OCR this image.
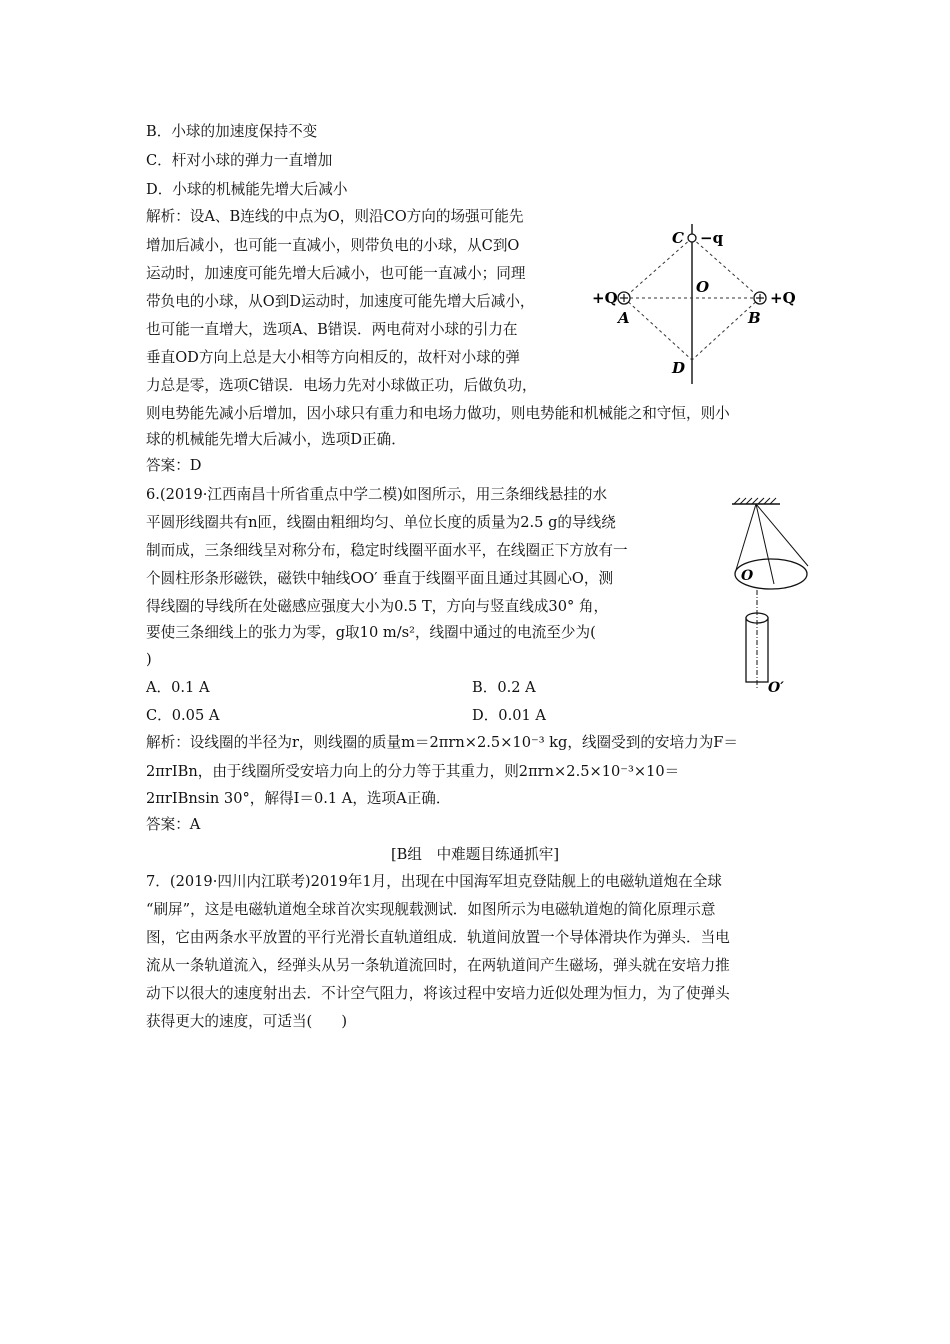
B．小球的加速度保持不变
C．杆对小球的弹力一直增加
D．小球的机械能先增大后减小
解析：设A、B连线的中点为O，则沿CO方向的场强可能先
增加后减小，也可能一直减小，则带负电的小球，从C到O
运动时，加速度可能先增大后减小，也可能一直减小；同理
带负电的小球，从O到D运动时，加速度可能先增大后减小，
也可能一直增大，选项A、B错误．两电荷对小球的引力在
垂直OD方向上总是大小相等方向相反的，故杆对小球的弹
力总是零，选项C错误．电场力先对小球做正功，后做负功，
则电势能先减小后增加，因小球只有重力和电场力做功，则电势能和机械能之和守恒，则小
球的机械能先增大后减小，选项D正确．
答案：D
C −q
O
+Q	+Q
A	B
D
6.(2019·江西南昌十所省重点中学二模)如图所示，用三条细线悬挂的水
平圆形线圈共有n匝，线圈由粗细均匀、单位长度的质量为2.5 g的导线绕
制而成，三条细线呈对称分布，稳定时线圈平面水平，在线圈正下方放有一
个圆柱形条形磁铁，磁铁中轴线OO′ 垂直于线圈平面且通过其圆心O，测
得线圈的导线所在处磁感应强度大小为0.5 T，方向与竖直线成30° 角，
要使三条细线上的张力为零，g取10 m/s²，线圈中通过的电流至少为(
)
A．0.1 A	B．0.2 A
C．0.05 A	D．0.01 A
解析：设线圈的半径为r，则线圈的质量m＝2πrn×2.5×10⁻³ kg，线圈受到的安培力为F＝
2πrIBn，由于线圈所受安培力向上的分力等于其重力，则2πrn×2.5×10⁻³×10＝
2πrIBnsin 30°，解得I＝0.1 A，选项A正确．
答案：A
O
O′
[B组　中难题目练通抓牢]
7．(2019·四川内江联考)2019年1月，出现在中国海军坦克登陆舰上的电磁轨道炮在全球
“刷屏”，这是电磁轨道炮全球首次实现舰载测试．如图所示为电磁轨道炮的简化原理示意
图，它由两条水平放置的平行光滑长直轨道组成．轨道间放置一个导体滑块作为弹头．当电
流从一条轨道流入，经弹头从另一条轨道流回时，在两轨道间产生磁场，弹头就在安培力推
动下以很大的速度射出去．不计空气阻力，将该过程中安培力近似处理为恒力，为了使弹头
获得更大的速度，可适当(　　)
